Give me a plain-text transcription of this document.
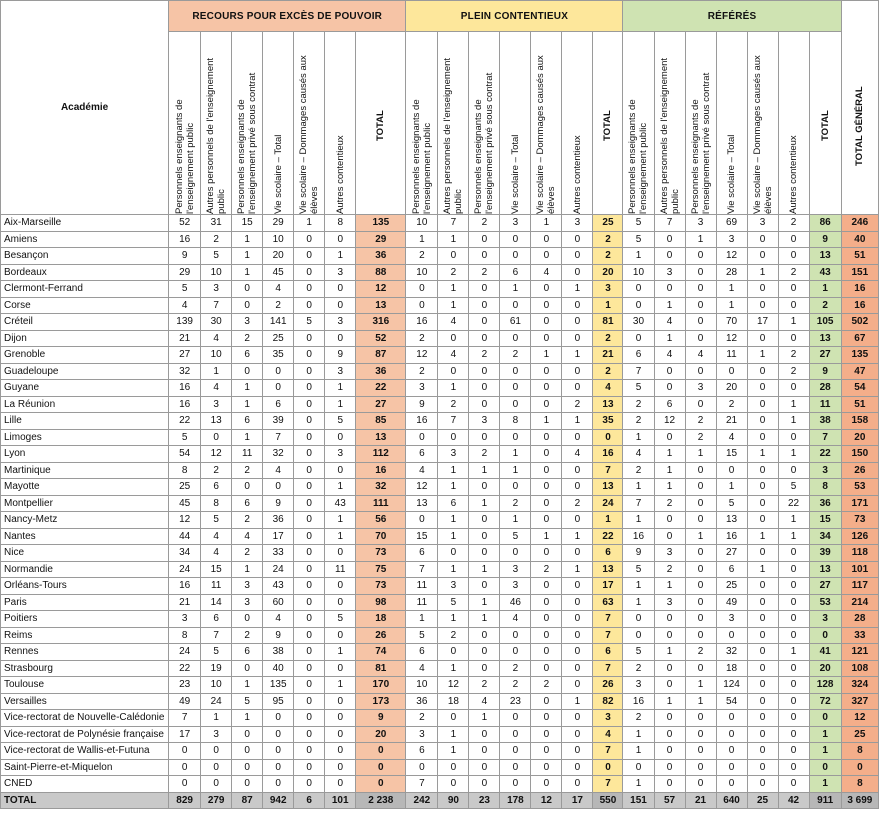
Académie	RECOURS POUR EXCÈS DE POUVOIR							PLEIN CONTENTIEUX							RÉFÉRÉS							TOTAL GÉNÉRAL

	Personnels enseignants de l'enseignement public	Autres personnels de l'enseignement public	Personnels enseignants de l'enseignement privé sous contrat	Vie scolaire – Total	Vie scolaire – Dommages causés aux élèves	Autres contentieux	TOTAL	Personnels enseignants de l'enseignement public	Autres personnels de l'enseignement public	Personnels enseignants de l'enseignement privé sous contrat	Vie scolaire – Total	Vie scolaire – Dommages causés aux élèves	Autres contentieux	TOTAL	Personnels enseignants de l'enseignement public	Autres personnels de l'enseignement public	Personnels enseignants de l'enseignement privé sous contrat	Vie scolaire – Total	Vie scolaire – Dommages causés aux élèves	Autres contentieux	TOTAL	

Aix-Marseille	52	31	15	29	1	8	135	10	7	2	3	1	3	25	5	7	3	69	3	2	86	246
Amiens	16	2	1	10	0	0	29	1	1	0	0	0	0	2	5	0	1	3	0	0	9	40
Besançon	9	5	1	20	0	1	36	2	0	0	0	0	0	2	1	0	0	12	0	0	13	51
Bordeaux	29	10	1	45	0	3	88	10	2	2	6	4	0	20	10	3	0	28	1	2	43	151
Clermont-Ferrand	5	3	0	4	0	0	12	0	1	0	1	0	1	3	0	0	0	1	0	0	1	16
Corse	4	7	0	2	0	0	13	0	1	0	0	0	0	1	0	1	0	1	0	0	2	16
Créteil	139	30	3	141	5	3	316	16	4	0	61	0	0	81	30	4	0	70	17	1	105	502
Dijon	21	4	2	25	0	0	52	2	0	0	0	0	0	2	0	1	0	12	0	0	13	67
Grenoble	27	10	6	35	0	9	87	12	4	2	2	1	1	21	6	4	4	11	1	2	27	135
Guadeloupe	32	1	0	0	0	3	36	2	0	0	0	0	0	2	7	0	0	0	0	2	9	47
Guyane	16	4	1	0	0	1	22	3	1	0	0	0	0	4	5	0	3	20	0	0	28	54
La Réunion	16	3	1	6	0	1	27	9	2	0	0	0	2	13	2	6	0	2	0	1	11	51
Lille	22	13	6	39	0	5	85	16	7	3	8	1	1	35	2	12	2	21	0	1	38	158
Limoges	5	0	1	7	0	0	13	0	0	0	0	0	0	0	1	0	2	4	0	0	7	20
Lyon	54	12	11	32	0	3	112	6	3	2	1	0	4	16	4	1	1	15	1	1	22	150
Martinique	8	2	2	4	0	0	16	4	1	1	1	0	0	7	2	1	0	0	0	0	3	26
Mayotte	25	6	0	0	0	1	32	12	1	0	0	0	0	13	1	1	0	1	0	5	8	53
Montpellier	45	8	6	9	0	43	111	13	6	1	2	0	2	24	7	2	0	5	0	22	36	171
Nancy-Metz	12	5	2	36	0	1	56	0	1	0	1	0	0	1	1	0	0	13	0	1	15	73
Nantes	44	4	4	17	0	1	70	15	1	0	5	1	1	22	16	0	1	16	1	1	34	126
Nice	34	4	2	33	0	0	73	6	0	0	0	0	0	6	9	3	0	27	0	0	39	118
Normandie	24	15	1	24	0	11	75	7	1	1	3	2	1	13	5	2	0	6	1	0	13	101
Orléans-Tours	16	11	3	43	0	0	73	11	3	0	3	0	0	17	1	1	0	25	0	0	27	117
Paris	21	14	3	60	0	0	98	11	5	1	46	0	0	63	1	3	0	49	0	0	53	214
Poitiers	3	6	0	4	0	5	18	1	1	1	4	0	0	7	0	0	0	3	0	0	3	28
Reims	8	7	2	9	0	0	26	5	2	0	0	0	0	7	0	0	0	0	0	0	0	33
Rennes	24	5	6	38	0	1	74	6	0	0	0	0	0	6	5	1	2	32	0	1	41	121
Strasbourg	22	19	0	40	0	0	81	4	1	0	2	0	0	7	2	0	0	18	0	0	20	108
Toulouse	23	10	1	135	0	1	170	10	12	2	2	2	0	26	3	0	1	124	0	0	128	324
Versailles	49	24	5	95	0	0	173	36	18	4	23	0	1	82	16	1	1	54	0	0	72	327
Vice-rectorat de Nouvelle-Calédonie	7	1	1	0	0	0	9	2	0	1	0	0	0	3	2	0	0	0	0	0	0	12
Vice-rectorat de Polynésie française	17	3	0	0	0	0	20	3	1	0	0	0	0	4	1	0	0	0	0	0	1	25
Vice-rectorat de Wallis-et-Futuna	0	0	0	0	0	0	0	6	1	0	0	0	0	7	1	0	0	0	0	0	1	8
Saint-Pierre-et-Miquelon	0	0	0	0	0	0	0	0	0	0	0	0	0	0	0	0	0	0	0	0	0	0
CNED	0	0	0	0	0	0	0	7	0	0	0	0	0	7	1	0	0	0	0	0	1	8
TOTAL	829	279	87	942	6	101	2 238	242	90	23	178	12	17	550	151	57	21	640	25	42	911	3 699
